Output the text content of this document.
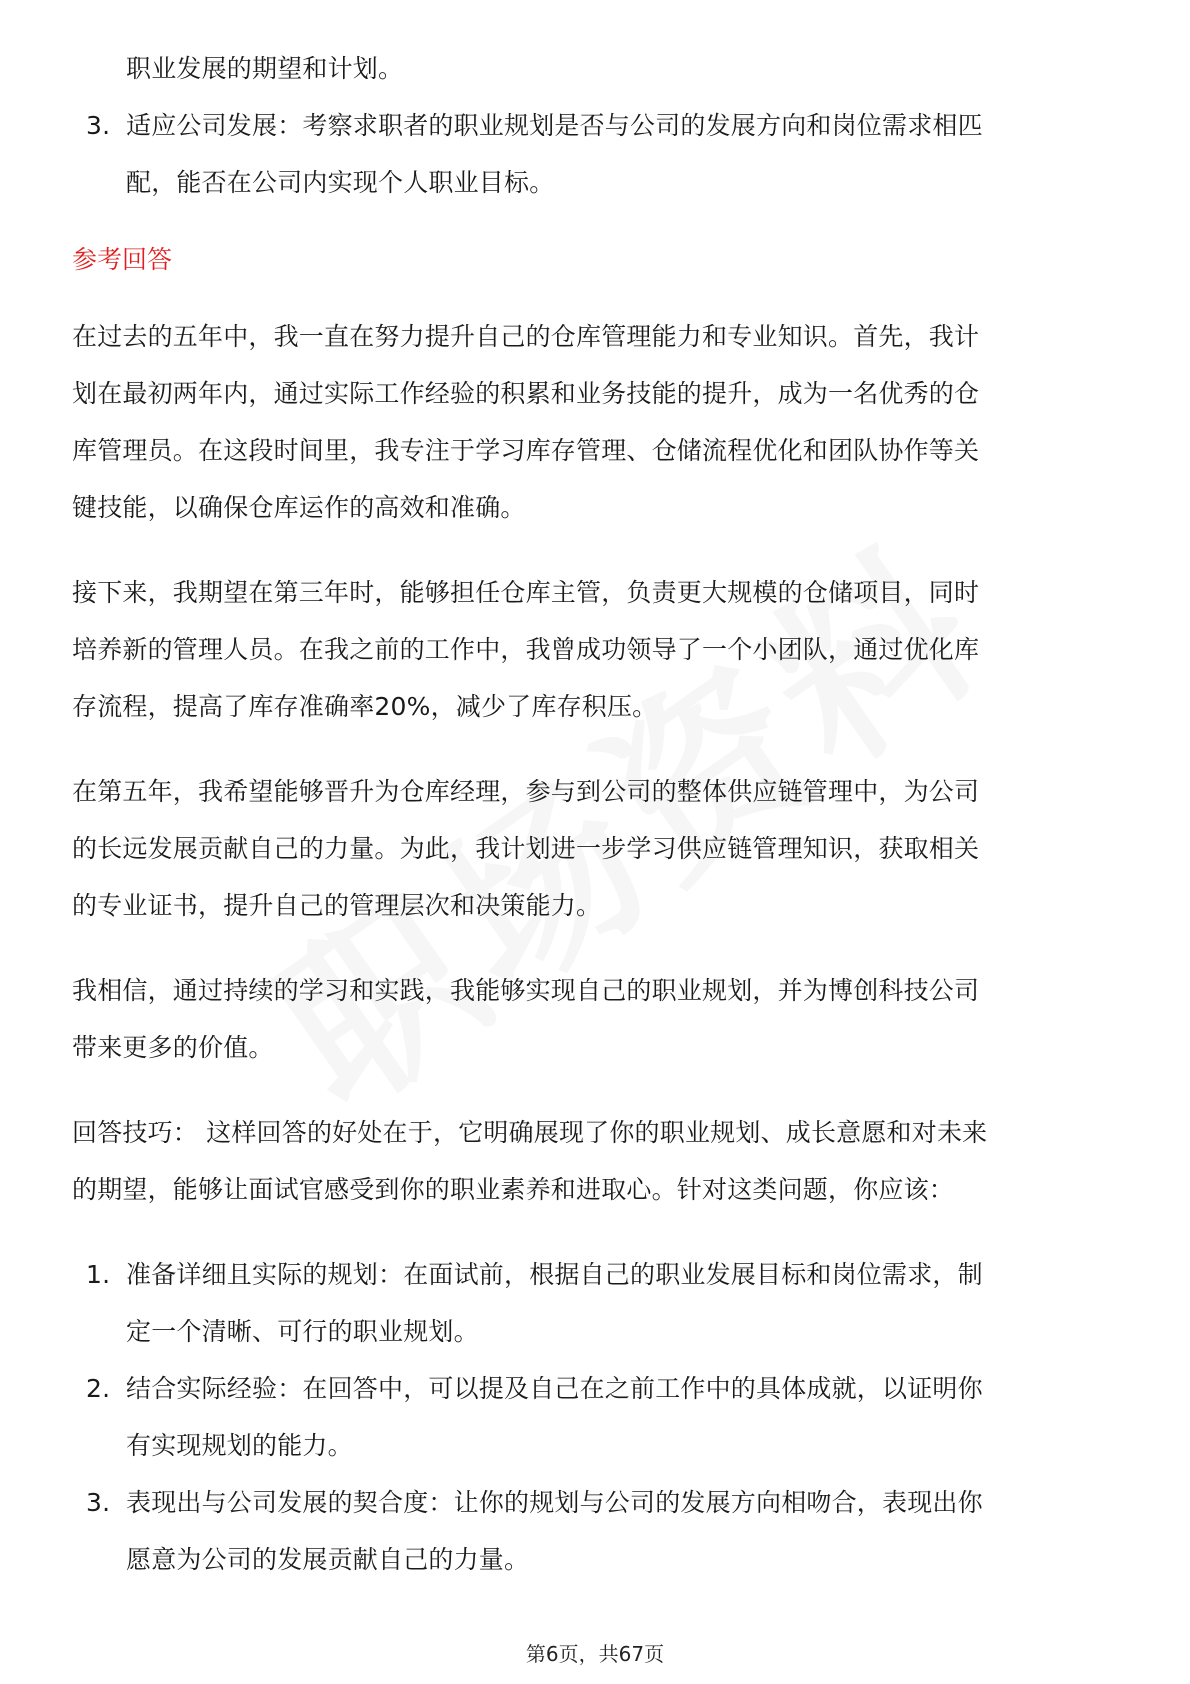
职业发展的期望和计划。
3. 适应公司发展：考察求职者的职业规划是否与公司的发展方向和岗位需求相匹
配，能否在公司内实现个人职业目标。
参考回答
在过去的五年中，我一直在努力提升自己的仓库管理能力和专业知识。首先，我计
划在最初两年内，通过实际工作经验的积累和业务技能的提升，成为一名优秀的仓
库管理员。在这段时间里，我专注于学习库存管理、仓储流程优化和团队协作等关
键技能，以确保仓库运作的高效和准确。
接下来，我期望在第三年时，能够担任仓库主管，负责更大规模的仓储项目，同时
培养新的管理人员。在我之前的工作中，我曾成功领导了一个小团队，通过优化库
存流程，提高了库存准确率20%，减少了库存积压。
在第五年，我希望能够晋升为仓库经理，参与到公司的整体供应链管理中，为公司
的长远发展贡献自己的力量。为此，我计划进一步学习供应链管理知识，获取相关
的专业证书，提升自己的管理层次和决策能力。
我相信，通过持续的学习和实践，我能够实现自己的职业规划，并为博创科技公司
带来更多的价值。
回答技巧： 这样回答的好处在于，它明确展现了你的职业规划、成长意愿和对未来
的期望，能够让面试官感受到你的职业素养和进取心。针对这类问题，你应该：
1. 准备详细且实际的规划：在面试前，根据自己的职业发展目标和岗位需求，制
定一个清晰、可行的职业规划。
2. 结合实际经验：在回答中，可以提及自己在之前工作中的具体成就，以证明你
有实现规划的能力。
3. 表现出与公司发展的契合度：让你的规划与公司的发展方向相吻合，表现出你
愿意为公司的发展贡献自己的力量。
第6页，共67页
